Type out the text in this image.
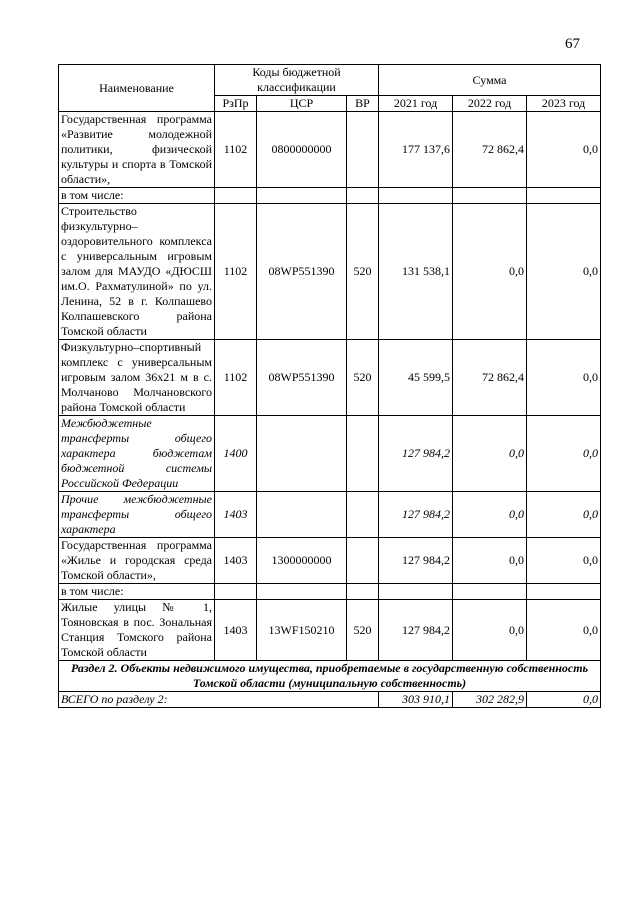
67
Наименование	Коды бюджетной классификации			Сумма		
	РзПр	ЦСР	ВР	2021 год	2022 год	2023 год
Государственная программа «Развитие молодежной политики, физической культуры и спорта в Томской области»,	1102	0800000000		177 137,6	72 862,4	0,0
в том числе:						
Строительство физкультурно–оздоровительного комплекса с универсальным игровым залом для МАУДО «ДЮСШ им.О. Рахматулиной» по ул. Ленина, 52 в г. Колпашево Колпашевского района Томской области	1102	08WP551390	520	131 538,1	0,0	0,0
Физкультурно–спортивный комплекс с универсальным игровым залом 36х21 м в с. Молчаново Молчановского района Томской области	1102	08WP551390	520	45 599,5	72 862,4	0,0
Межбюджетные трансферты общего характера бюджетам бюджетной системы Российской Федерации	1400			127 984,2	0,0	0,0
Прочие межбюджетные трансферты общего характера	1403			127 984,2	0,0	0,0
Государственная программа «Жилье и городская среда Томской области»,	1403	1300000000		127 984,2	0,0	0,0
в том числе:						
Жилые улицы № 1, Тояновская в пос. Зональная Станция Томского района Томской области	1403	13WF150210	520	127 984,2	0,0	0,0
Раздел 2. Объекты недвижимого имущества, приобретаемые в государственную собственность Томской области (муниципальную собственность)						
ВСЕГО по разделу 2:				303 910,1	302 282,9	0,0
